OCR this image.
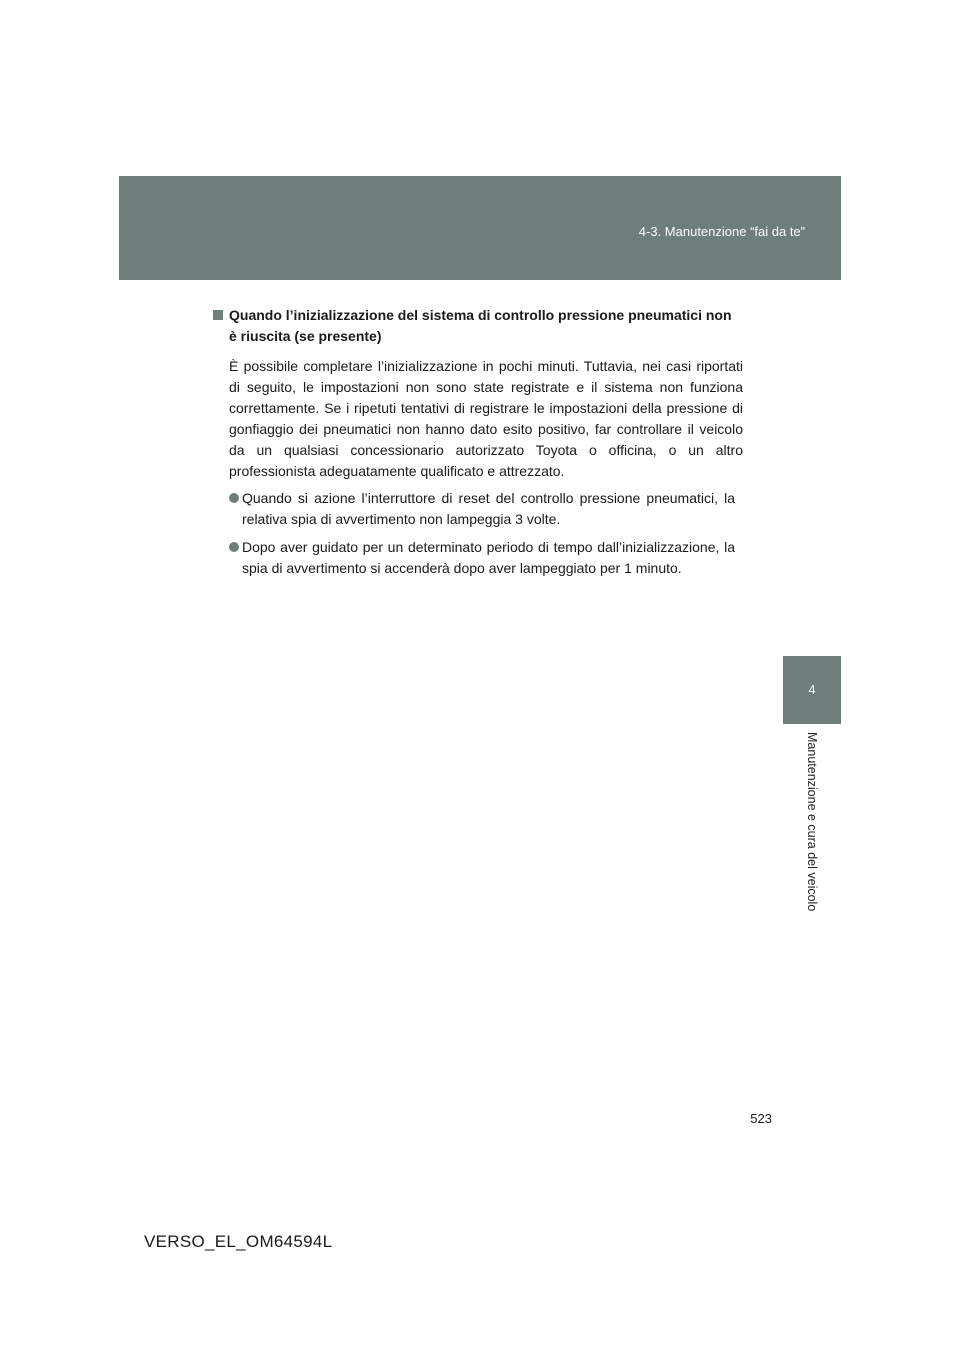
4-3. Manutenzione “fai da te”
4
Manutenzione e cura del veicolo
Quando l’inizializzazione del sistema di controllo pressione pneumatici non è riuscita (se presente)

È possibile completare l’inizializzazione in pochi minuti. Tuttavia, nei casi riportati di seguito, le impostazioni non sono state registrate e il sistema non funziona correttamente. Se i ripetuti tentativi di registrare le impostazioni della pressione di gonfiaggio dei pneumatici non hanno dato esito positivo, far controllare il veicolo da un qualsiasi concessionario autorizzato Toyota o officina, o un altro professionista adeguatamente qualificato e attrezzato.

Quando si azione l’interruttore di reset del controllo pressione pneumatici, la relativa spia di avvertimento non lampeggia 3 volte.
Dopo aver guidato per un determinato periodo di tempo dall’inizializzazione, la spia di avvertimento si accenderà dopo aver lampeggiato per 1 minuto.
523
VERSO_EL_OM64594L
